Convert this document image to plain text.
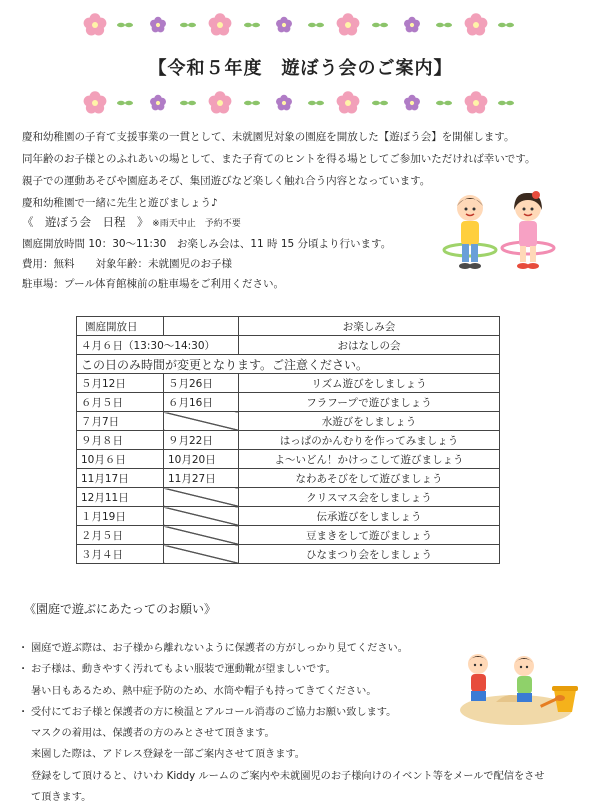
【令和５年度　遊ぼう会のご案内】
慶和幼稚園の子育て支援事業の一貫として、未就園児対象の園庭を開放した【遊ぼう会】を開催します。
同年齢のお子様とのふれあいの場として、また子育てのヒントを得る場としてご参加いただければ幸いです。
親子での運動あそびや園庭あそび、集団遊びなど楽しく触れ合う内容となっています。
慶和幼稚園で一緒に先生と遊びましょう♪
《　遊ぼう会　日程　》 ※雨天中止　予約不要
園庭開放時間 10：30〜11:30　お楽しみ会は、11 時 15 分頃より行います。
費用：無料　　対象年齢：未就園児のお子様
駐車場：プール体育館棟前の駐車場をご利用ください。
園庭開放日		お楽しみ会
４月６日（13:30〜14:30）		おはなしの会
この日のみ時間が変更となります。ご注意ください。		
５月12日	５月26日	リズム遊びをしましょう
６月５日	６月16日	フラフープで遊びましょう
７月7日		水遊びをしましょう
９月８日	９月22日	はっぱのかんむりを作ってみましょう
10月６日	10月20日	よ〜いどん！かけっこして遊びましょう
11月17日	11月27日	なわあそびをして遊びましょう
12月11日		クリスマス会をしましょう
１月19日		伝承遊びをしましょう
２月５日		豆まきをして遊びましょう
３月４日		ひなまつり会をしましょう
《園庭で遊ぶにあたってのお願い》
・ 園庭で遊ぶ際は、お子様から離れないように保護者の方がしっかり見てください。
・ お子様は、動きやすく汚れてもよい服装で運動靴が望ましいです。
暑い日もあるため、熱中症予防のため、水筒や帽子も持ってきてください。
・ 受付にてお子様と保護者の方に検温とアルコール消毒のご協力お願い致します。
マスクの着用は、保護者の方のみとさせて頂きます。
来園した際は、アドレス登録を一部ご案内させて頂きます。
登録をして頂けると、けいわ Kiddy ルームのご案内や未就園児のお子様向けのイベント等をメールで配信をさせ
て頂きます。
